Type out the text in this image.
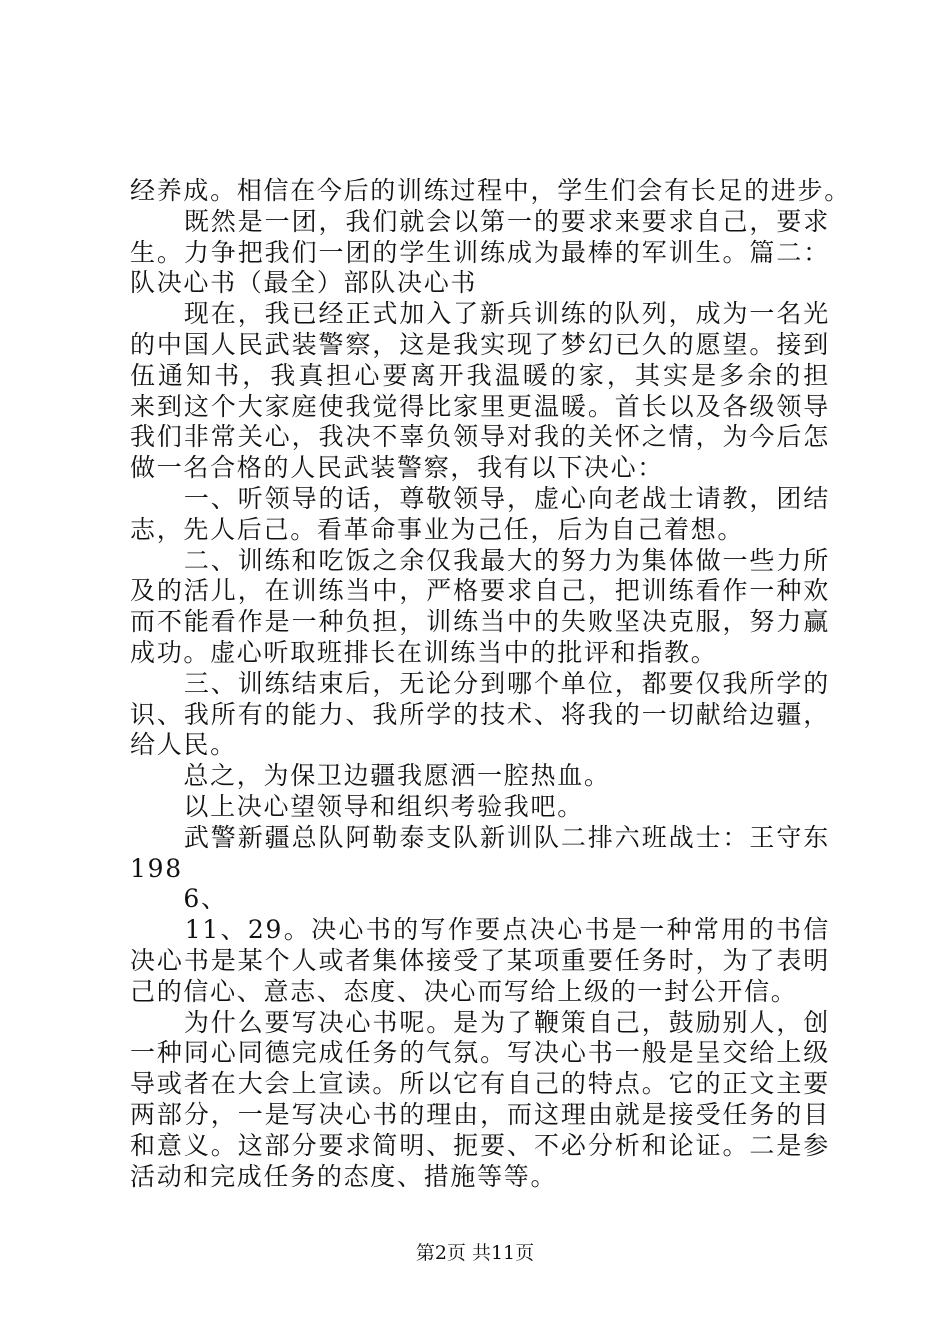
经养成。相信在今后的训练过程中，学生们会有长足的进步。
　　既然是一团，我们就会以第一的要求来要求自己，要求
生。力争把我们一团的学生训练成为最棒的军训生。篇二：
队决心书（最全）部队决心书
　　现在，我已经正式加入了新兵训练的队列，成为一名光
的中国人民武装警察，这是我实现了梦幻已久的愿望。接到
伍通知书，我真担心要离开我温暖的家，其实是多余的担
来到这个大家庭使我觉得比家里更温暖。首长以及各级领导
我们非常关心，我决不辜负领导对我的关怀之情，为今后怎
做一名合格的人民武装警察，我有以下决心：
　　一、听领导的话，尊敬领导，虚心向老战士请教，团结
志，先人后己。看革命事业为己任，后为自己着想。
　　二、训练和吃饭之余仅我最大的努力为集体做一些力所
及的活儿，在训练当中，严格要求自己，把训练看作一种欢
而不能看作是一种负担，训练当中的失败坚决克服，努力赢
成功。虚心听取班排长在训练当中的批评和指教。
　　三、训练结束后，无论分到哪个单位，都要仅我所学的
识、我所有的能力、我所学的技术、将我的一切献给边疆，
给人民。
　　总之，为保卫边疆我愿洒一腔热血。
　　以上决心望领导和组织考验我吧。
　　武警新疆总队阿勒泰支队新训队二排六班战士：王守东
198
　　6、
　　11、29。决心书的写作要点决心书是一种常用的书信
决心书是某个人或者集体接受了某项重要任务时，为了表明
己的信心、意志、态度、决心而写给上级的一封公开信。
　　为什么要写决心书呢。是为了鞭策自己，鼓励别人，创
一种同心同德完成任务的气氛。写决心书一般是呈交给上级
导或者在大会上宣读。所以它有自己的特点。它的正文主要
两部分，一是写决心书的理由，而这理由就是接受任务的目
和意义。这部分要求简明、扼要、不必分析和论证。二是参
活动和完成任务的态度、措施等等。
第2页 共11页
